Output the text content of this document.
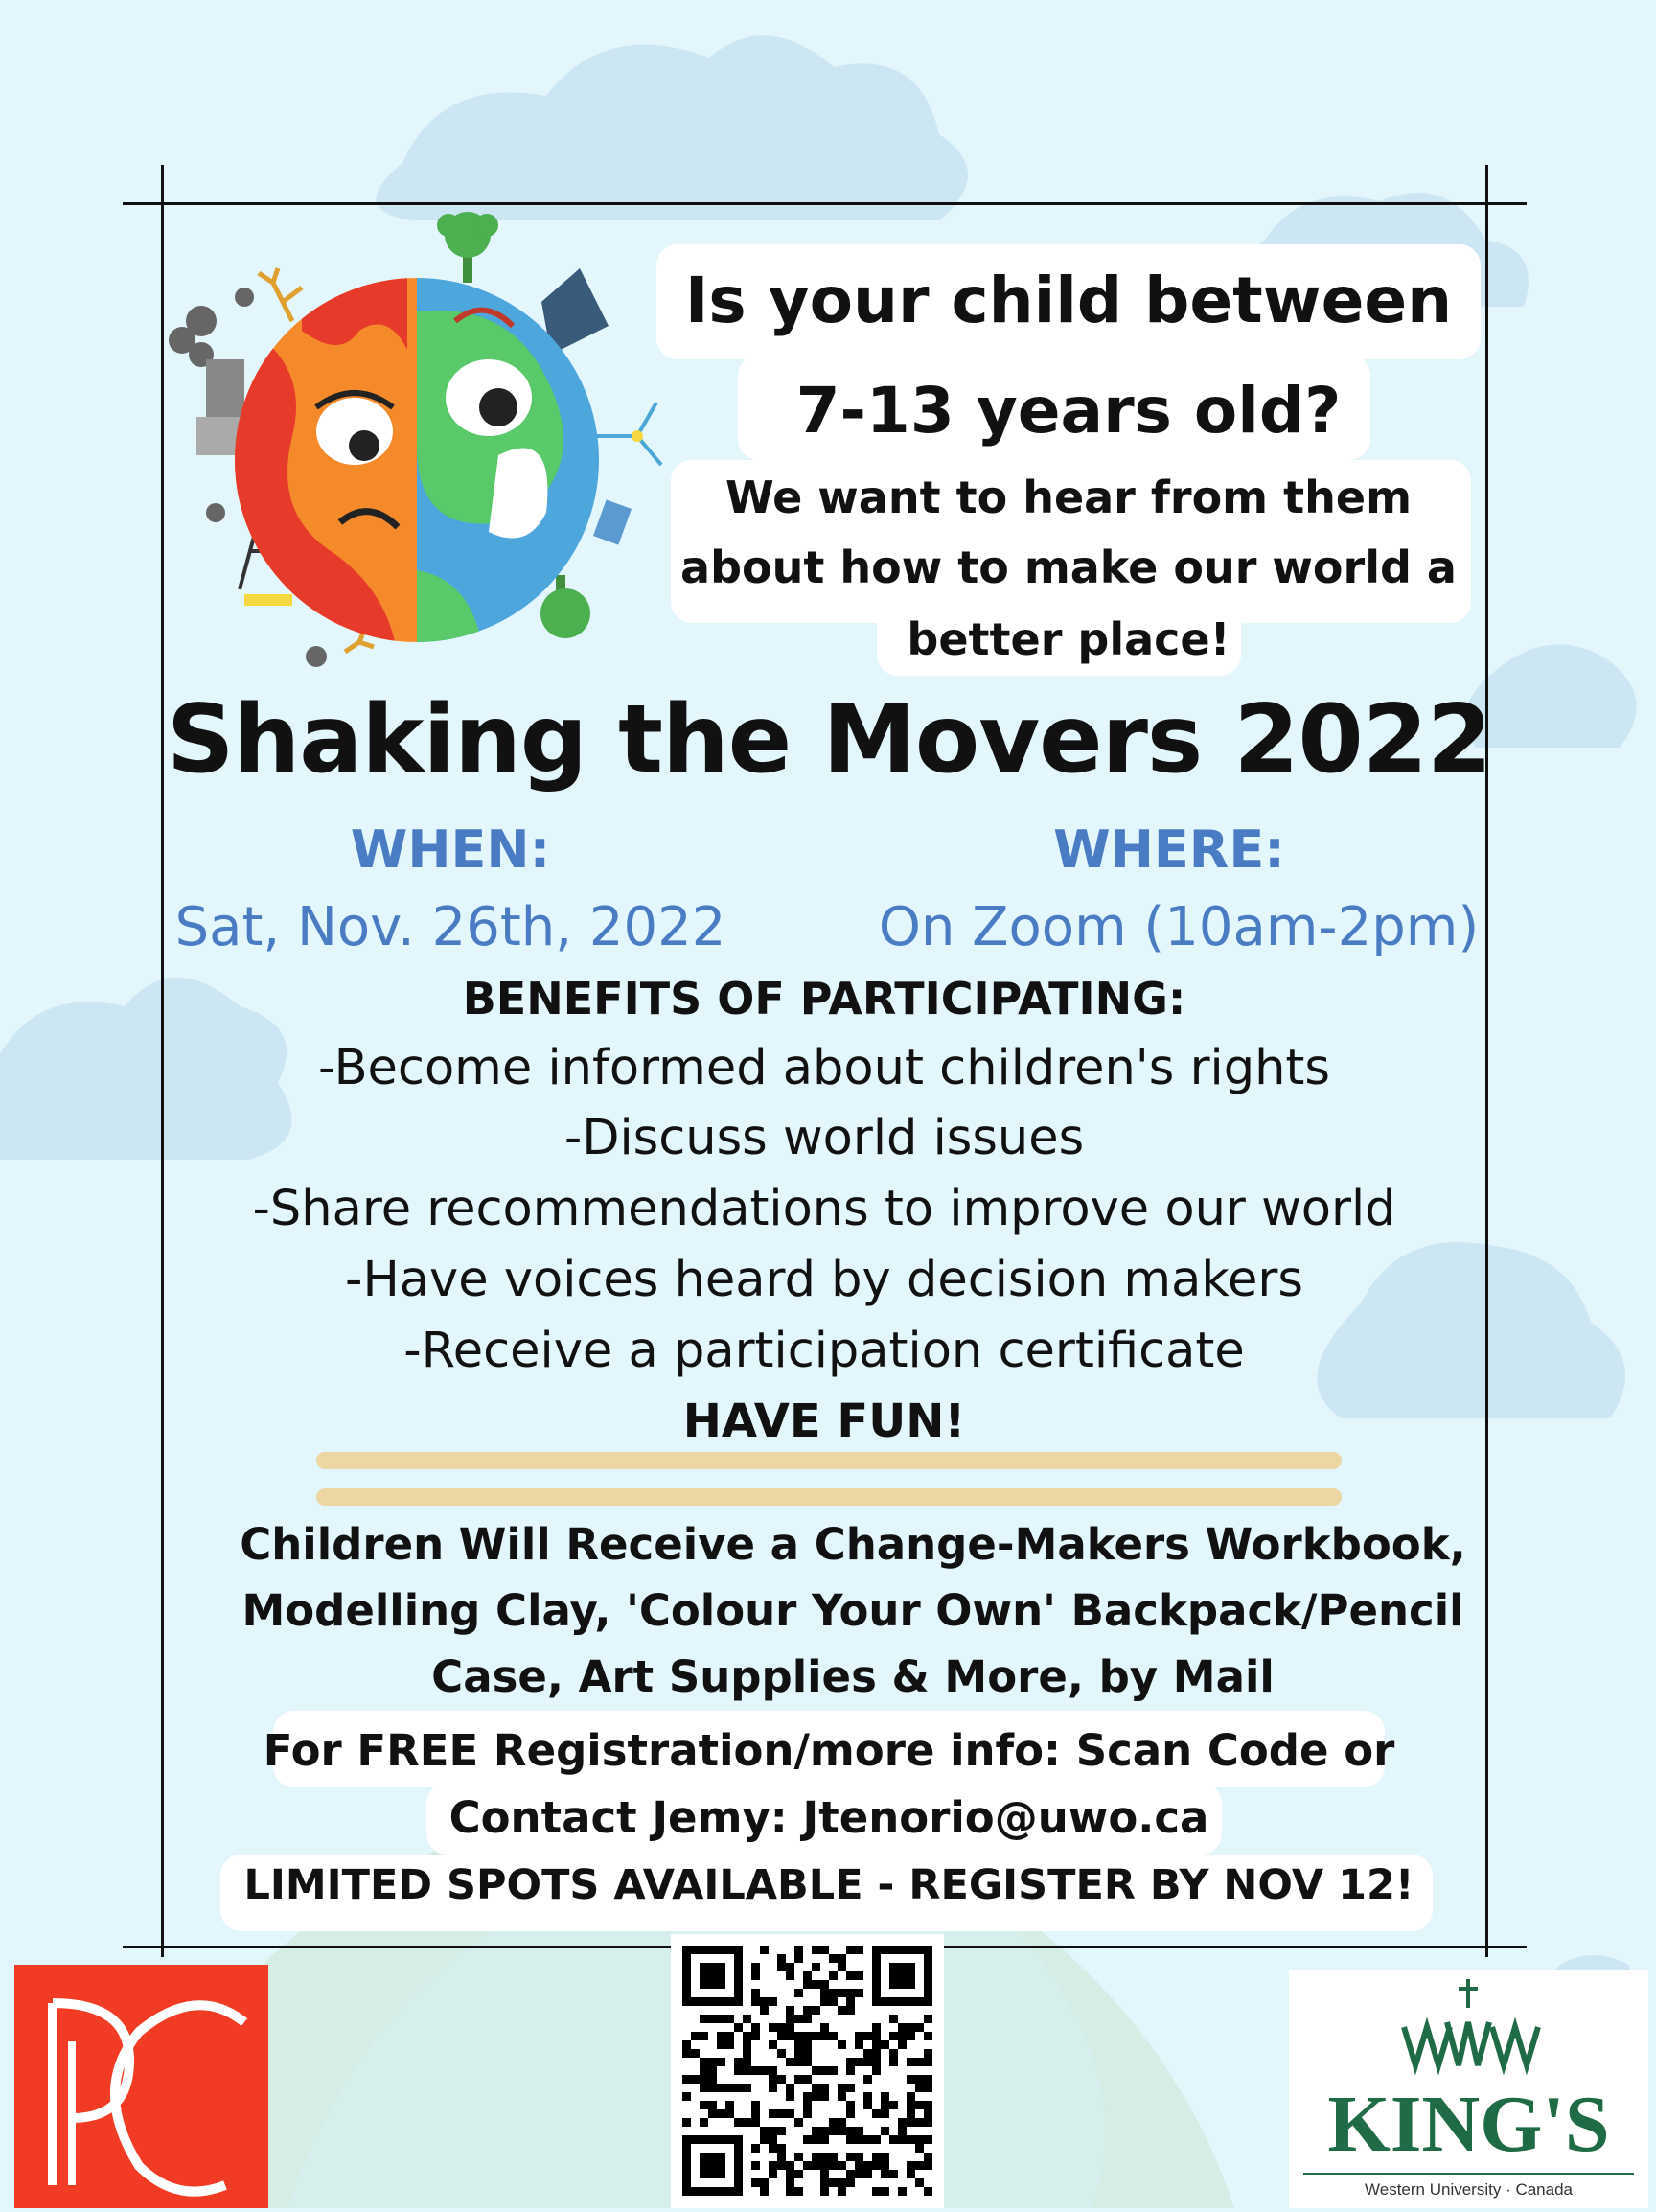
Is your child between
7-13 years old?
We want to hear from them
about how to make our world a
better place!
Shaking the Movers 2022
WHEN:	WHERE:
Sat, Nov. 26th, 2022	On Zoom (10am-2pm)
BENEFITS OF PARTICIPATING:
-Become informed about children's rights
-Discuss world issues
-Share recommendations to improve our world
-Have voices heard by decision makers
-Receive a participation certificate
HAVE FUN!
Children Will Receive a Change-Makers Workbook,
Modelling Clay, 'Colour Your Own' Backpack/Pencil
Case, Art Supplies & More, by Mail
For FREE Registration/more info: Scan Code or
Contact Jemy: Jtenorio@uwo.ca
LIMITED SPOTS AVAILABLE - REGISTER BY NOV 12!
KING'S
Western University · Canada
